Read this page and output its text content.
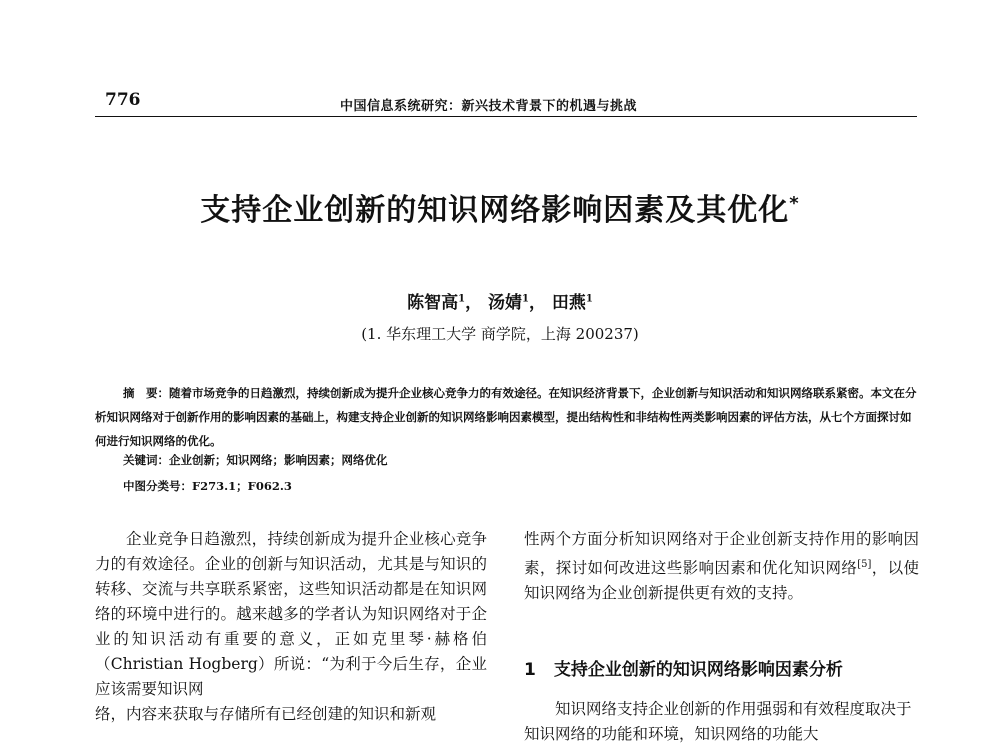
776	中国信息系统研究：新兴技术背景下的机遇与挑战
支持企业创新的知识网络影响因素及其优化*
陈智高$^1$， 汤婧$^1$， 田燕$^1$
(1. 华东理工大学 商学院，上海 200237)
摘　要：随着市场竞争的日趋激烈，持续创新成为提升企业核心竞争力的有效途径。在知识经济背景下，企业创新与知识活动和知识网络联系紧密。本文在分析知识网络对于创新作用的影响因素的基础上，构建支持企业创新的知识网络影响因素模型，提出结构性和非结构性两类影响因素的评估方法，从七个方面探讨如何进行知识网络的优化。
关键词：企业创新；知识网络；影响因素；网络优化
中图分类号：F273.1；F062.3

企业竞争日趋激烈，持续创新成为提升企业核心竞争力的有效途径。企业的创新与知识活动，尤其是与知识的转移、交流与共享联系紧密，这些知识活动都是在知识网络的环境中进行的。越来越多的学者认为知识网络对于企业的知识活动有重要的意义，正如克里琴·赫格伯（Christian Hogberg）所说：“为利于今后生存，企业应该需要知识网

络，内容来获取与存储所有已经创建的知识和新观

性两个方面分析知识网络对于企业创新支持作用的影响因素，探讨如何改进这些影响因素和优化知识网络[5]，以使知识网络为企业创新提供更有效的支持。

1 支持企业创新的知识网络影响因素分析
知识网络支持企业创新的作用强弱和有效程度取决于知识网络的功能和环境，知识网络的功能大
